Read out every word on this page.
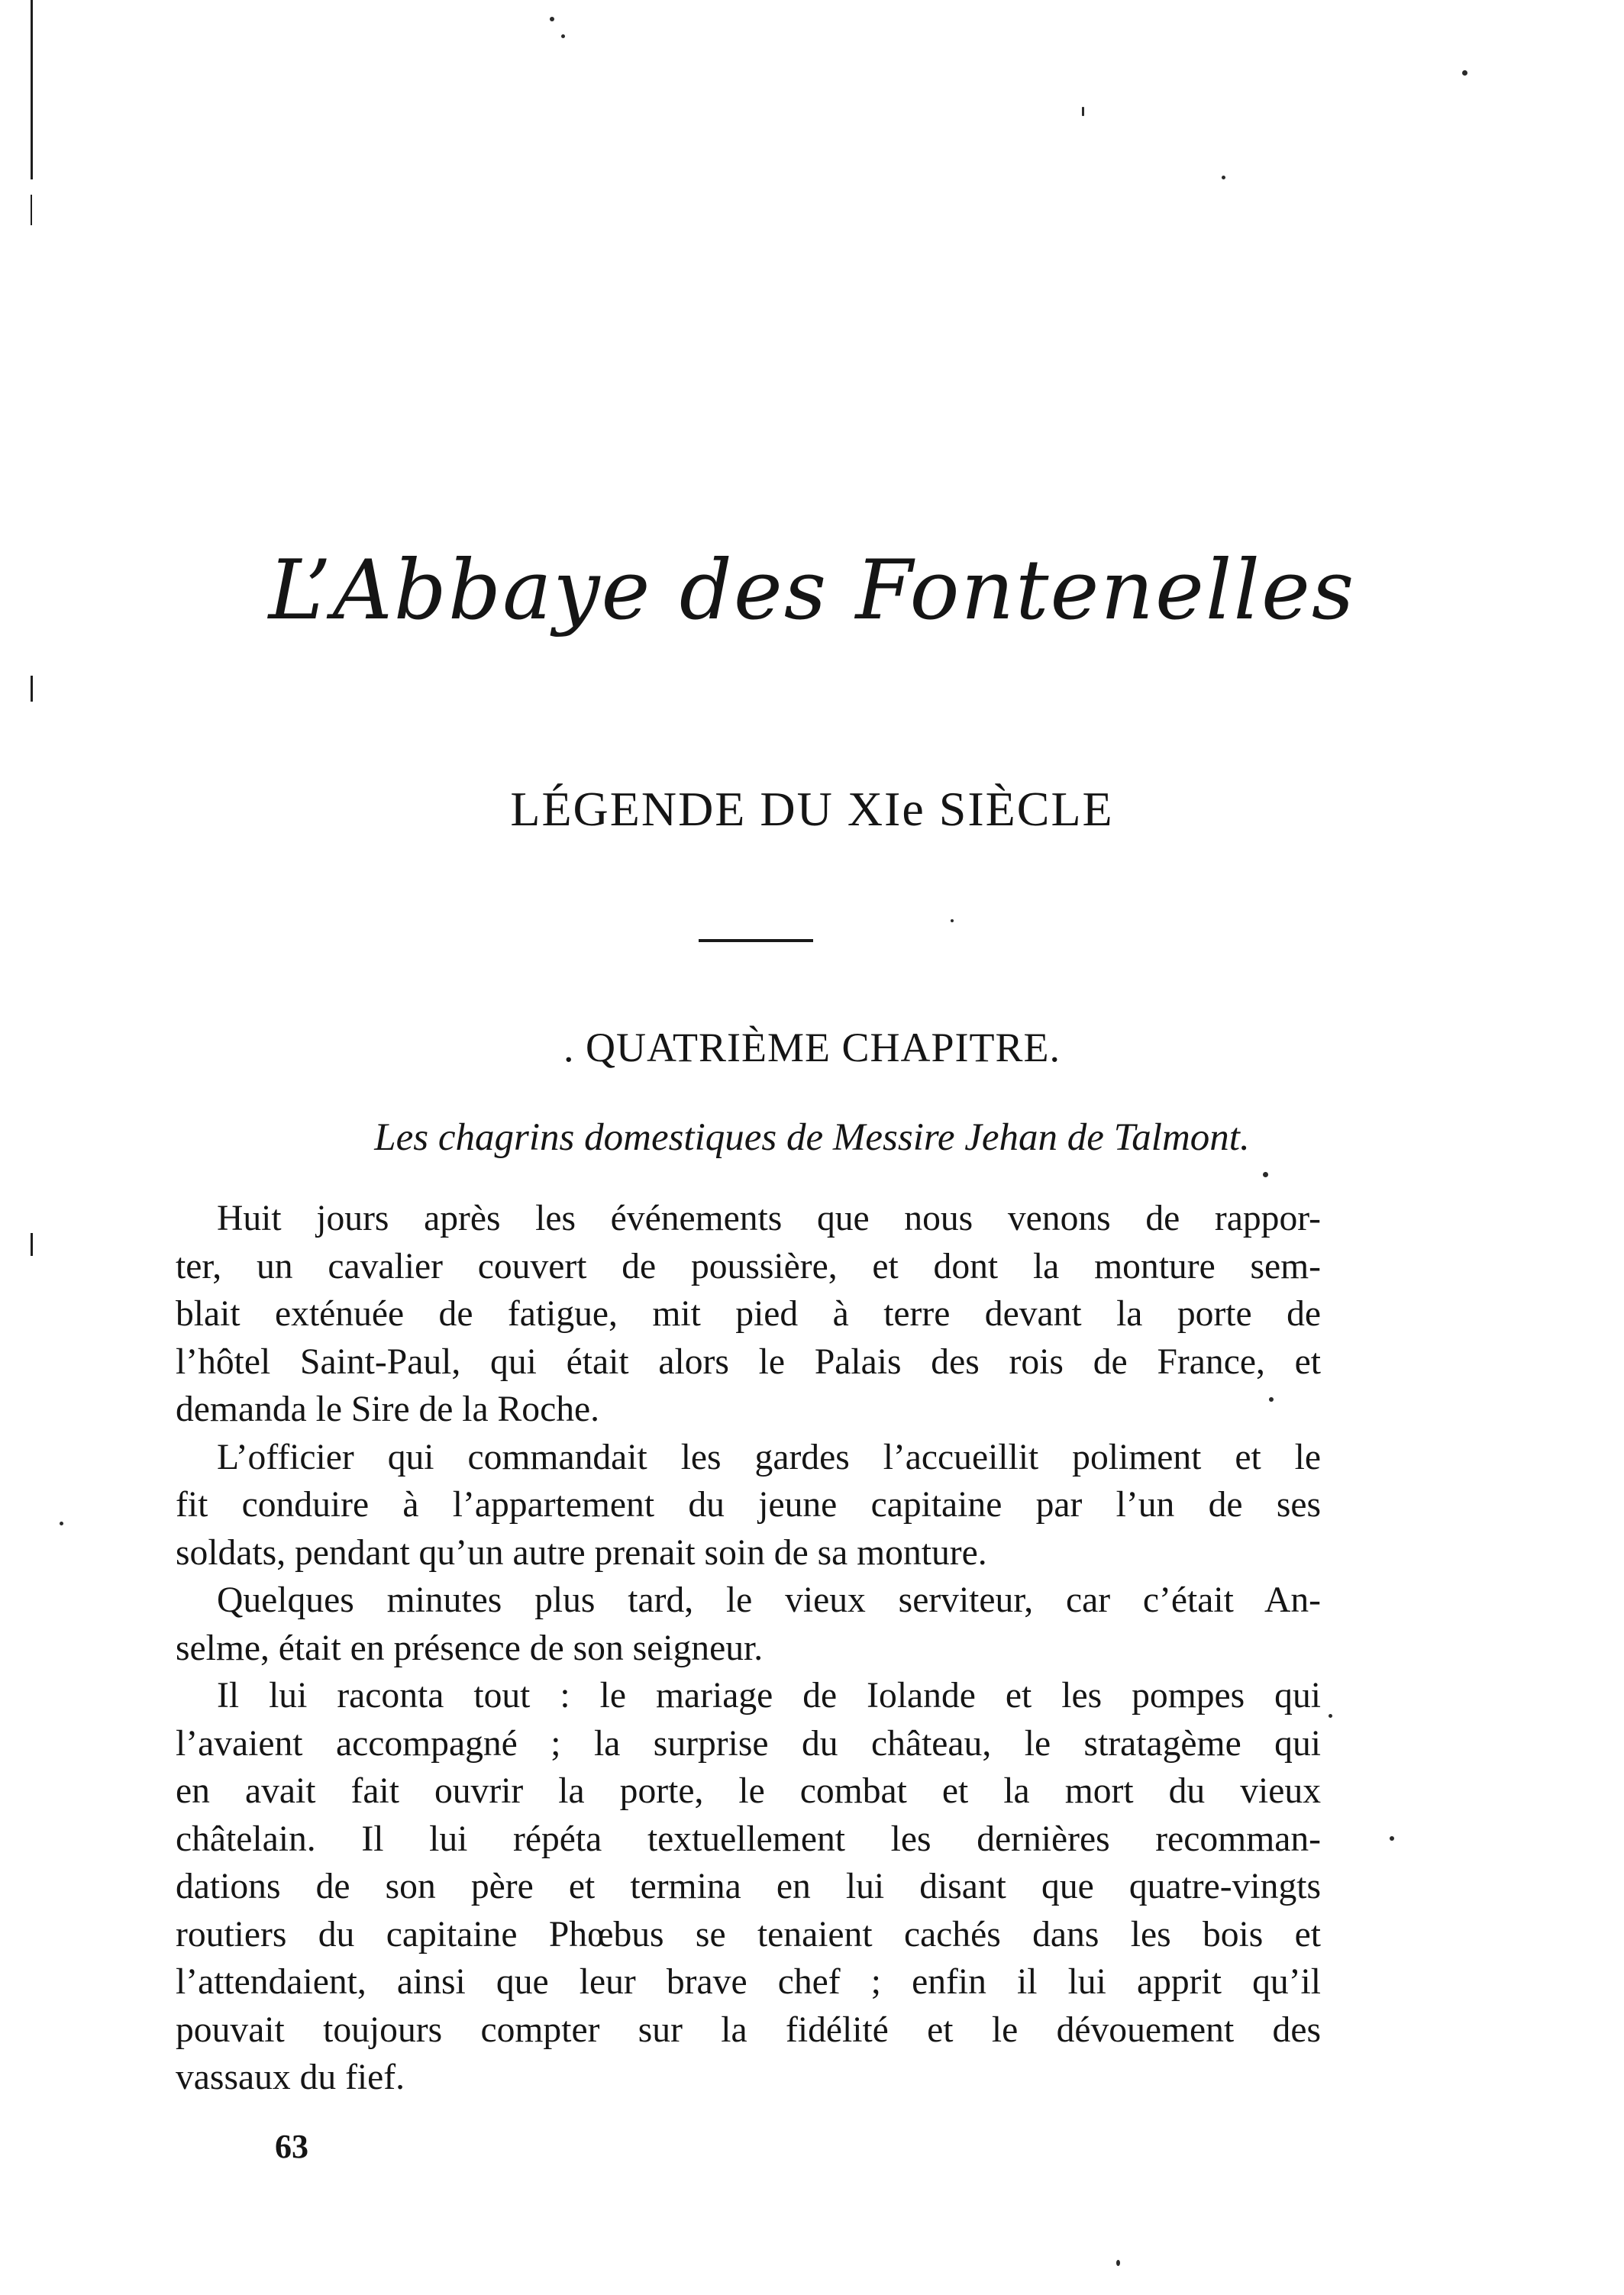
L’Abbaye des Fontenelles
LÉGENDE DU XIe SIÈCLE
. QUATRIÈME CHAPITRE.
Les chagrins domestiques de Messire Jehan de Talmont.
Huit jours après les événements que nous venons de rappor-
ter, un cavalier couvert de poussière, et dont la monture sem-
blait exténuée de fatigue, mit pied à terre devant la porte de
l’hôtel Saint-Paul, qui était alors le Palais des rois de France, et
demanda le Sire de la Roche.
L’officier qui commandait les gardes l’accueillit poliment et le
fit conduire à l’appartement du jeune capitaine par l’un de ses
soldats, pendant qu’un autre prenait soin de sa monture.
Quelques minutes plus tard, le vieux serviteur, car c’était An-
selme, était en présence de son seigneur.
Il lui raconta tout : le mariage de Iolande et les pompes qui
l’avaient accompagné ; la surprise du château, le stratagème qui
en avait fait ouvrir la porte, le combat et la mort du vieux
châtelain. Il lui répéta textuellement les dernières recomman-
dations de son père et termina en lui disant que quatre-vingts
routiers du capitaine Phœbus se tenaient cachés dans les bois et
l’attendaient, ainsi que leur brave chef ; enfin il lui apprit qu’il
pouvait toujours compter sur la fidélité et le dévouement des
vassaux du fief.
63
